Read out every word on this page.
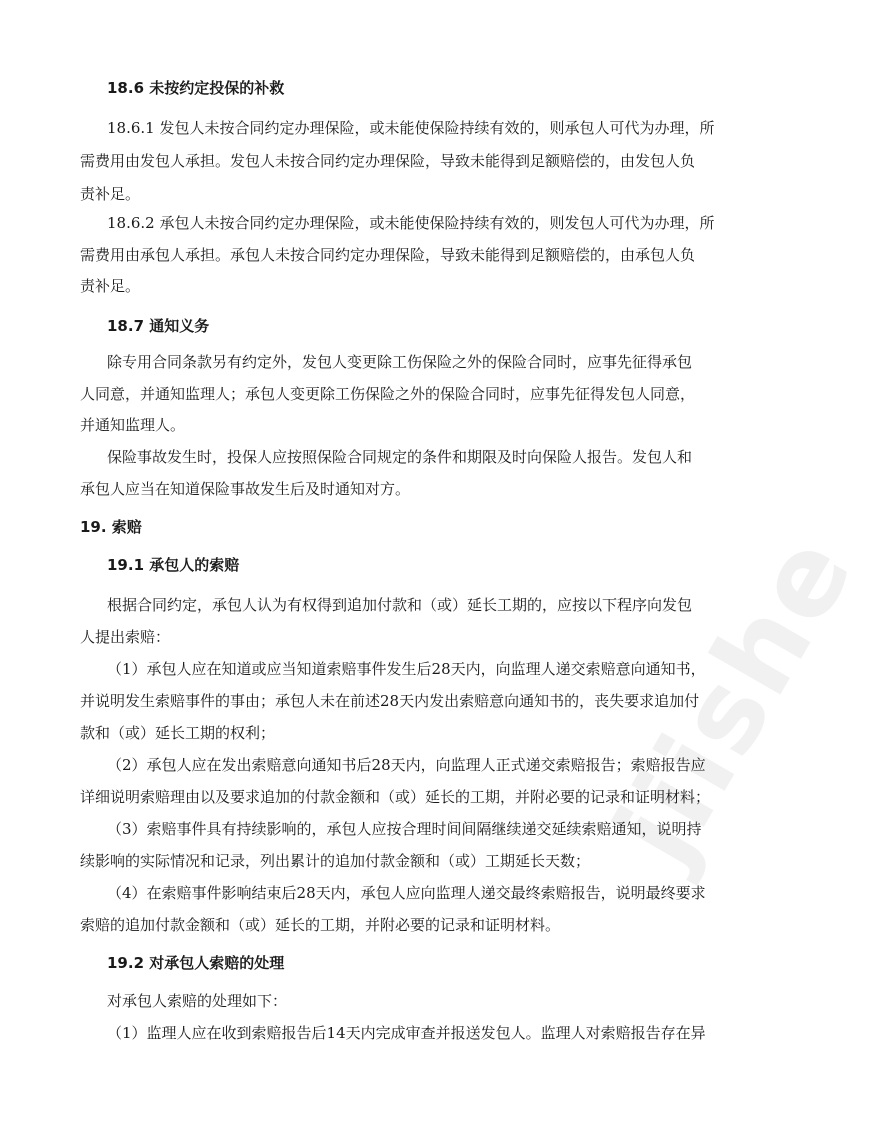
jiishe
18.6 未按约定投保的补救
18.6.1 发包人未按合同约定办理保险，或未能使保险持续有效的，则承包人可代为办理，所
需费用由发包人承担。发包人未按合同约定办理保险，导致未能得到足额赔偿的，由发包人负
责补足。
18.6.2 承包人未按合同约定办理保险，或未能使保险持续有效的，则发包人可代为办理，所
需费用由承包人承担。承包人未按合同约定办理保险，导致未能得到足额赔偿的，由承包人负
责补足。
18.7 通知义务
除专用合同条款另有约定外，发包人变更除工伤保险之外的保险合同时，应事先征得承包
人同意，并通知监理人；承包人变更除工伤保险之外的保险合同时，应事先征得发包人同意，
并通知监理人。
保险事故发生时，投保人应按照保险合同规定的条件和期限及时向保险人报告。发包人和
承包人应当在知道保险事故发生后及时通知对方。
19. 索赔
19.1 承包人的索赔
根据合同约定，承包人认为有权得到追加付款和（或）延长工期的，应按以下程序向发包
人提出索赔：
（1）承包人应在知道或应当知道索赔事件发生后28天内，向监理人递交索赔意向通知书，
并说明发生索赔事件的事由；承包人未在前述28天内发出索赔意向通知书的，丧失要求追加付
款和（或）延长工期的权利；
（2）承包人应在发出索赔意向通知书后28天内，向监理人正式递交索赔报告；索赔报告应
详细说明索赔理由以及要求追加的付款金额和（或）延长的工期，并附必要的记录和证明材料；
（3）索赔事件具有持续影响的，承包人应按合理时间间隔继续递交延续索赔通知，说明持
续影响的实际情况和记录，列出累计的追加付款金额和（或）工期延长天数；
（4）在索赔事件影响结束后28天内，承包人应向监理人递交最终索赔报告，说明最终要求
索赔的追加付款金额和（或）延长的工期，并附必要的记录和证明材料。
19.2 对承包人索赔的处理
对承包人索赔的处理如下：
（1）监理人应在收到索赔报告后14天内完成审查并报送发包人。监理人对索赔报告存在异
